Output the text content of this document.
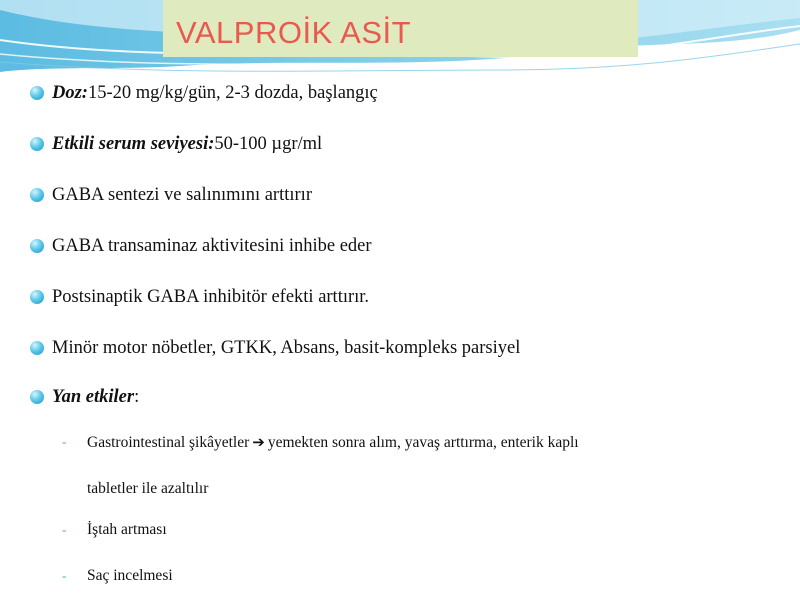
VALPROİK ASİT
Doz: 15-20 mg/kg/gün, 2-3 dozda, başlangıç
Etkili serum seviyesi: 50-100 µgr/ml
GABA sentezi ve salınımını arttırır
GABA transaminaz aktivitesini inhibe eder
Postsinaptik GABA inhibitör efekti arttırır.
Minör motor nöbetler, GTKK, Absans, basit-kompleks parsiyel
Yan etkiler :
-	Gastrointestinal şikâyetler ➔ yemekten sonra alım, yavaş arttırma, enterik kaplı
tabletler ile azaltılır
-	İştah artması
-	Saç incelmesi
